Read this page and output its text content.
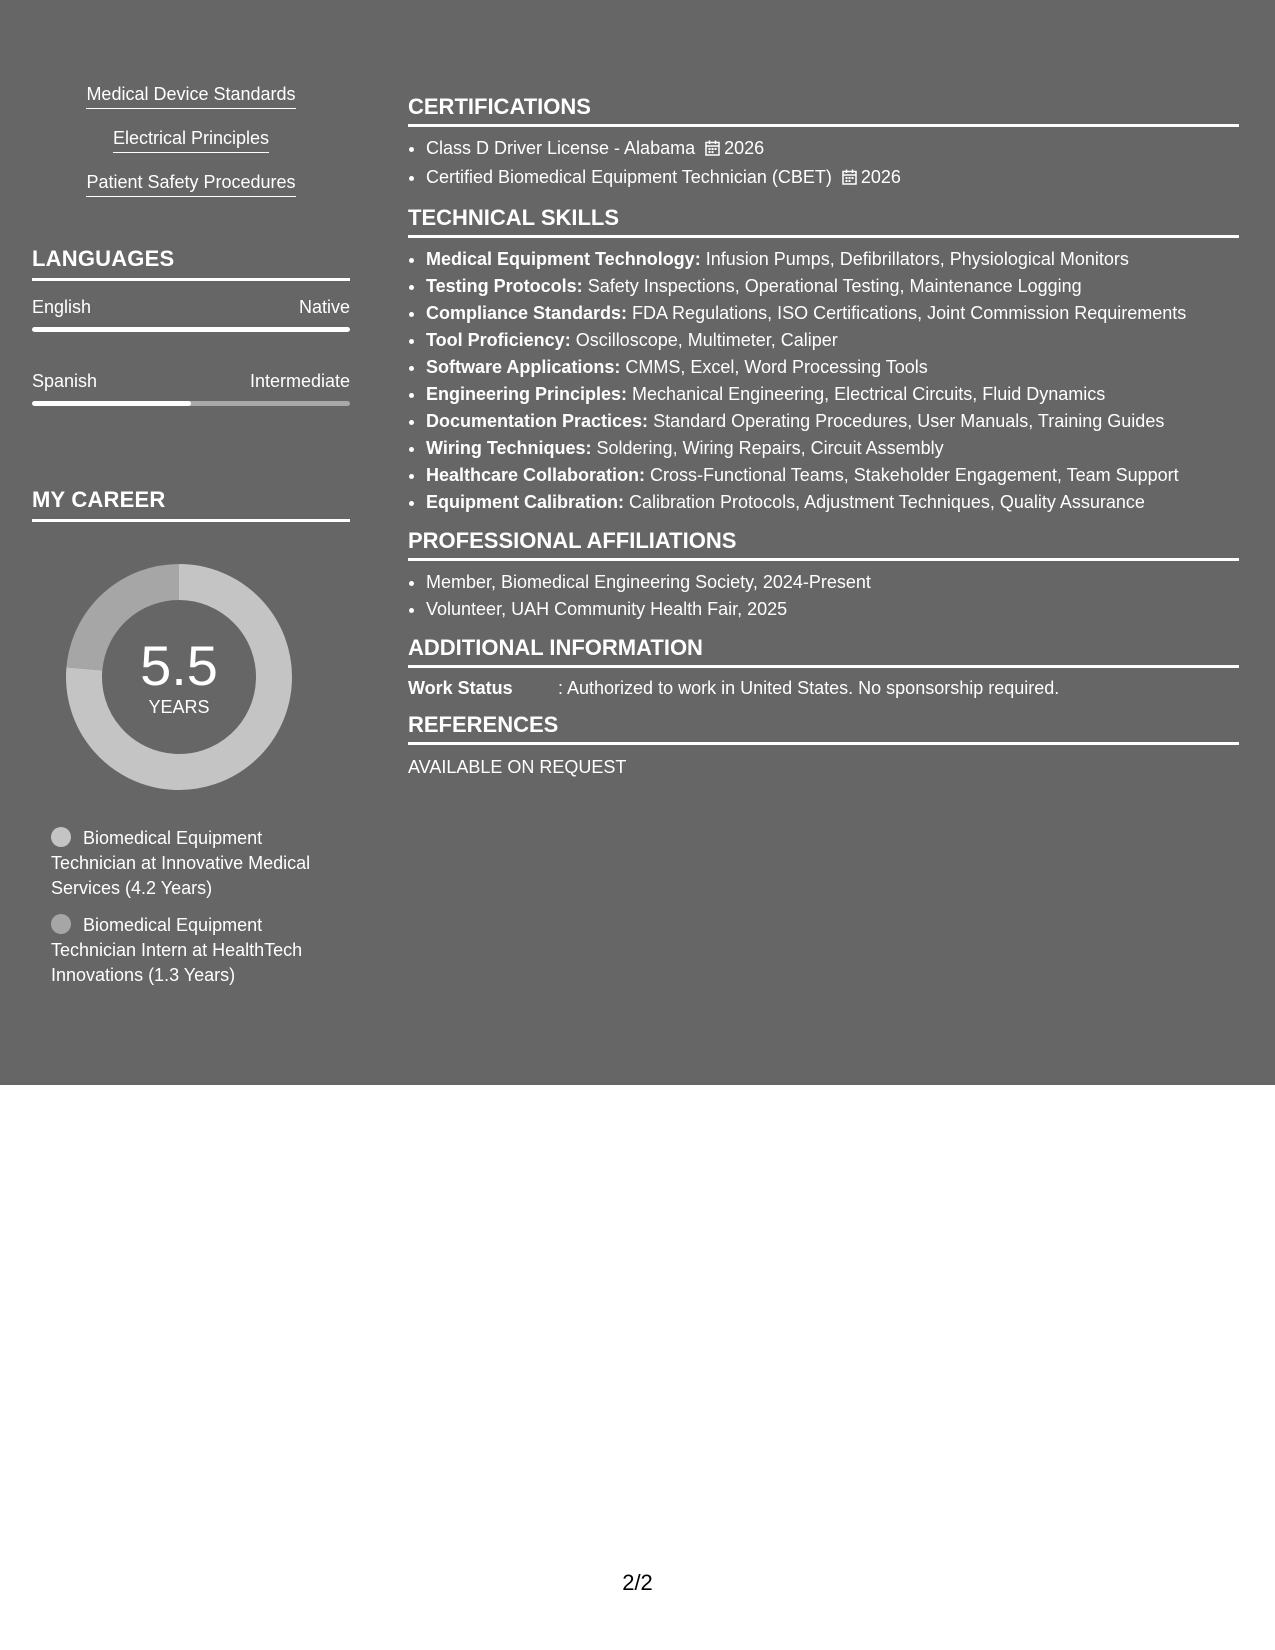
Medical Device Standards
Electrical Principles
Patient Safety Procedures
LANGUAGES
English	Native
Spanish	Intermediate
MY CAREER
5.5
YEARS
Biomedical Equipment Technician at Innovative Medical Services (4.2 Years)
Biomedical Equipment Technician Intern at HealthTech Innovations (1.3 Years)
CERTIFICATIONS
• Class D Driver License - Alabama 2026
• Certified Biomedical Equipment Technician (CBET) 2026
TECHNICAL SKILLS
• Medical Equipment Technology: Infusion Pumps, Defibrillators, Physiological Monitors
• Testing Protocols: Safety Inspections, Operational Testing, Maintenance Logging
• Compliance Standards: FDA Regulations, ISO Certifications, Joint Commission Requirements
• Tool Proficiency: Oscilloscope, Multimeter, Caliper
• Software Applications: CMMS, Excel, Word Processing Tools
• Engineering Principles: Mechanical Engineering, Electrical Circuits, Fluid Dynamics
• Documentation Practices: Standard Operating Procedures, User Manuals, Training Guides
• Wiring Techniques: Soldering, Wiring Repairs, Circuit Assembly
• Healthcare Collaboration: Cross-Functional Teams, Stakeholder Engagement, Team Support
• Equipment Calibration: Calibration Protocols, Adjustment Techniques, Quality Assurance
PROFESSIONAL AFFILIATIONS
• Member, Biomedical Engineering Society, 2024-Present
• Volunteer, UAH Community Health Fair, 2025
ADDITIONAL INFORMATION
Work Status	: Authorized to work in United States. No sponsorship required.
REFERENCES
AVAILABLE ON REQUEST
2/2
